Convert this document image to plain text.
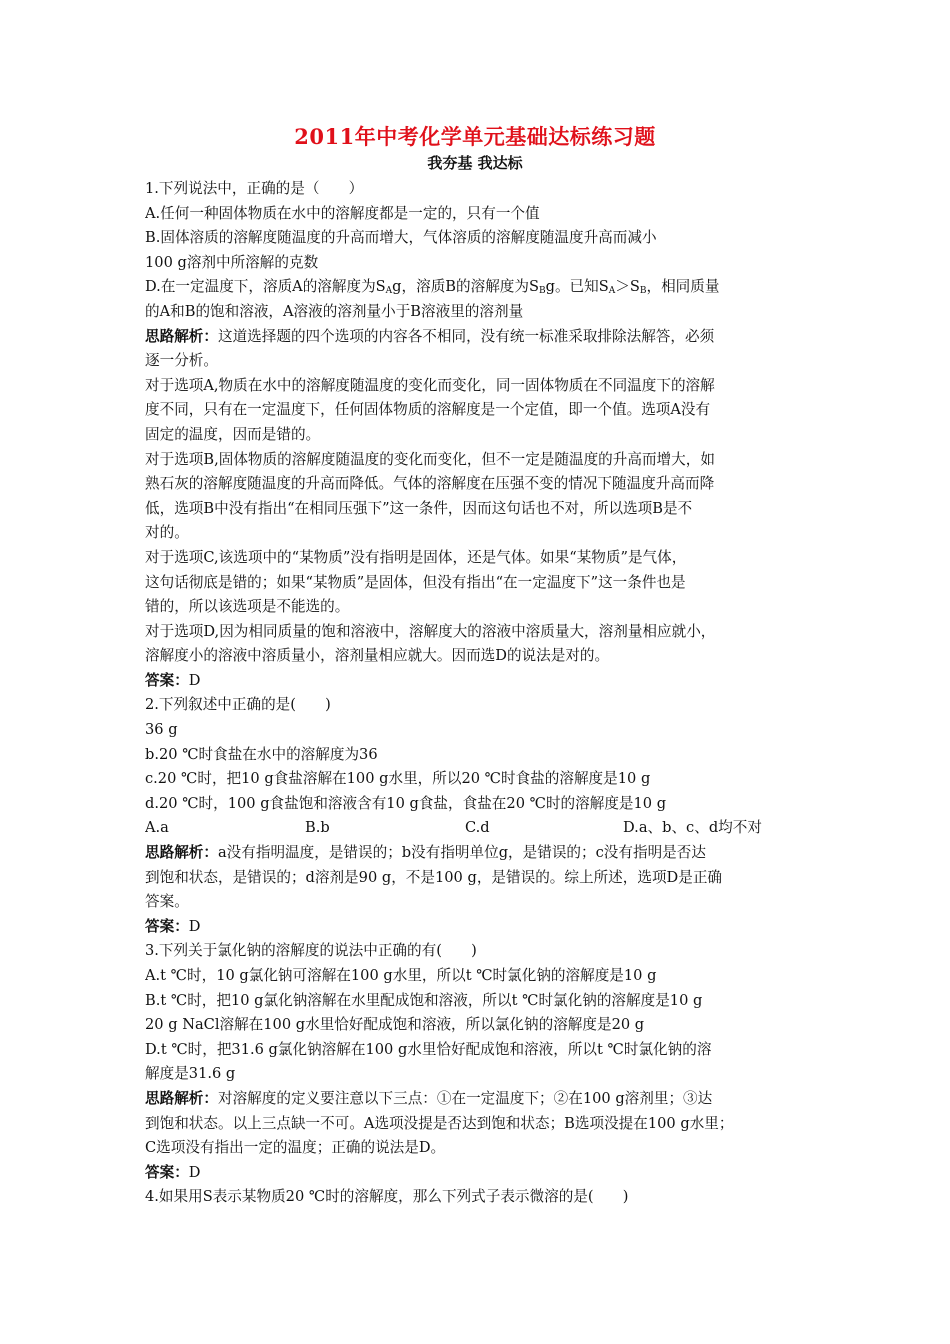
2011年中考化学单元基础达标练习题
我夯基 我达标
1.下列说法中，正确的是（　　）
A.任何一种固体物质在水中的溶解度都是一定的，只有一个值
B.固体溶质的溶解度随温度的升高而增大，气体溶质的溶解度随温度升高而减小
100 g溶剂中所溶解的克数
D.在一定温度下，溶质A的溶解度为$S_Ag$，溶质B的溶解度为$S_Bg$。已知$S_A>S_B$，相同质量
的A和B的饱和溶液，A溶液的溶剂量小于B溶液里的溶剂量
思路解析：这道选择题的四个选项的内容各不相同，没有统一标准采取排除法解答，必须
逐一分析。
对于选项A,物质在水中的溶解度随温度的变化而变化，同一固体物质在不同温度下的溶解
度不同，只有在一定温度下，任何固体物质的溶解度是一个定值，即一个值。选项A没有
固定的温度，因而是错的。
对于选项B,固体物质的溶解度随温度的变化而变化，但不一定是随温度的升高而增大，如
熟石灰的溶解度随温度的升高而降低。气体的溶解度在压强不变的情况下随温度升高而降
低，选项B中没有指出“在相同压强下”这一条件，因而这句话也不对，所以选项B是不
对的。
对于选项C,该选项中的“某物质”没有指明是固体，还是气体。如果“某物质”是气体，
这句话彻底是错的；如果“某物质”是固体，但没有指出“在一定温度下”这一条件也是
错的，所以该选项是不能选的。
对于选项D,因为相同质量的饱和溶液中，溶解度大的溶液中溶质量大，溶剂量相应就小，
溶解度小的溶液中溶质量小，溶剂量相应就大。因而选D的说法是对的。
答案：D
2.下列叙述中正确的是(　　)
36 g
b.20 ℃时食盐在水中的溶解度为36
c.20 ℃时，把10 g食盐溶解在100 g水里，所以20 ℃时食盐的溶解度是10 g
d.20 ℃时，100 g食盐饱和溶液含有10 g食盐，食盐在20 ℃时的溶解度是10 g
A.a	B.b	C.d	D.a、b、c、d均不对
思路解析：a没有指明温度，是错误的；b没有指明单位g，是错误的；c没有指明是否达
到饱和状态，是错误的；d溶剂是90 g，不是100 g，是错误的。综上所述，选项D是正确
答案。
答案：D
3.下列关于氯化钠的溶解度的说法中正确的有(　　)
A.t ℃时，10 g氯化钠可溶解在100 g水里，所以t ℃时氯化钠的溶解度是10 g
B.t ℃时，把10 g氯化钠溶解在水里配成饱和溶液，所以t ℃时氯化钠的溶解度是10 g
20 g NaCl溶解在100 g水里恰好配成饱和溶液，所以氯化钠的溶解度是20 g
D.t ℃时，把31.6 g氯化钠溶解在100 g水里恰好配成饱和溶液，所以t ℃时氯化钠的溶
解度是31.6 g
思路解析：对溶解度的定义要注意以下三点：①在一定温度下；②在100 g溶剂里；③达
到饱和状态。以上三点缺一不可。A选项没提是否达到饱和状态；B选项没提在100 g水里；
C选项没有指出一定的温度；正确的说法是D。
答案：D
4.如果用S表示某物质20 ℃时的溶解度，那么下列式子表示微溶的是(　　)
